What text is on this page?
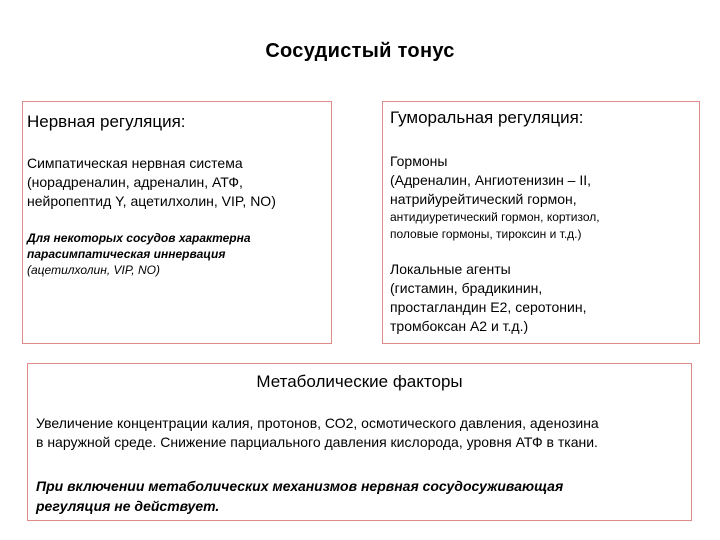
Сосудистый тонус
Нервная регуляция:
Симпатическая нервная система
(норадреналин, адреналин, АТФ,
нейропептид Y, ацетилхолин, VIP, NO)
Для некоторых сосудов характерна
парасимпатическая иннервация
(ацетилхолин, VIP, NO)
Гуморальная регуляция:
Гормоны
(Адреналин, Ангиотенизин – II,
натрийурейтический гормон,
антидиуретический гормон, кортизол,
половые гормоны, тироксин и т.д.)
Локальные агенты
(гистамин, брадикинин,
простагландин Е2, серотонин,
тромбоксан А2 и т.д.)
Метаболические факторы
Увеличение концентрации калия, протонов, СО2, осмотического давления, аденозина
в наружной среде. Снижение парциального давления кислорода, уровня АТФ в ткани.
При включении метаболических механизмов нервная сосудосуживающая
регуляция не действует.
